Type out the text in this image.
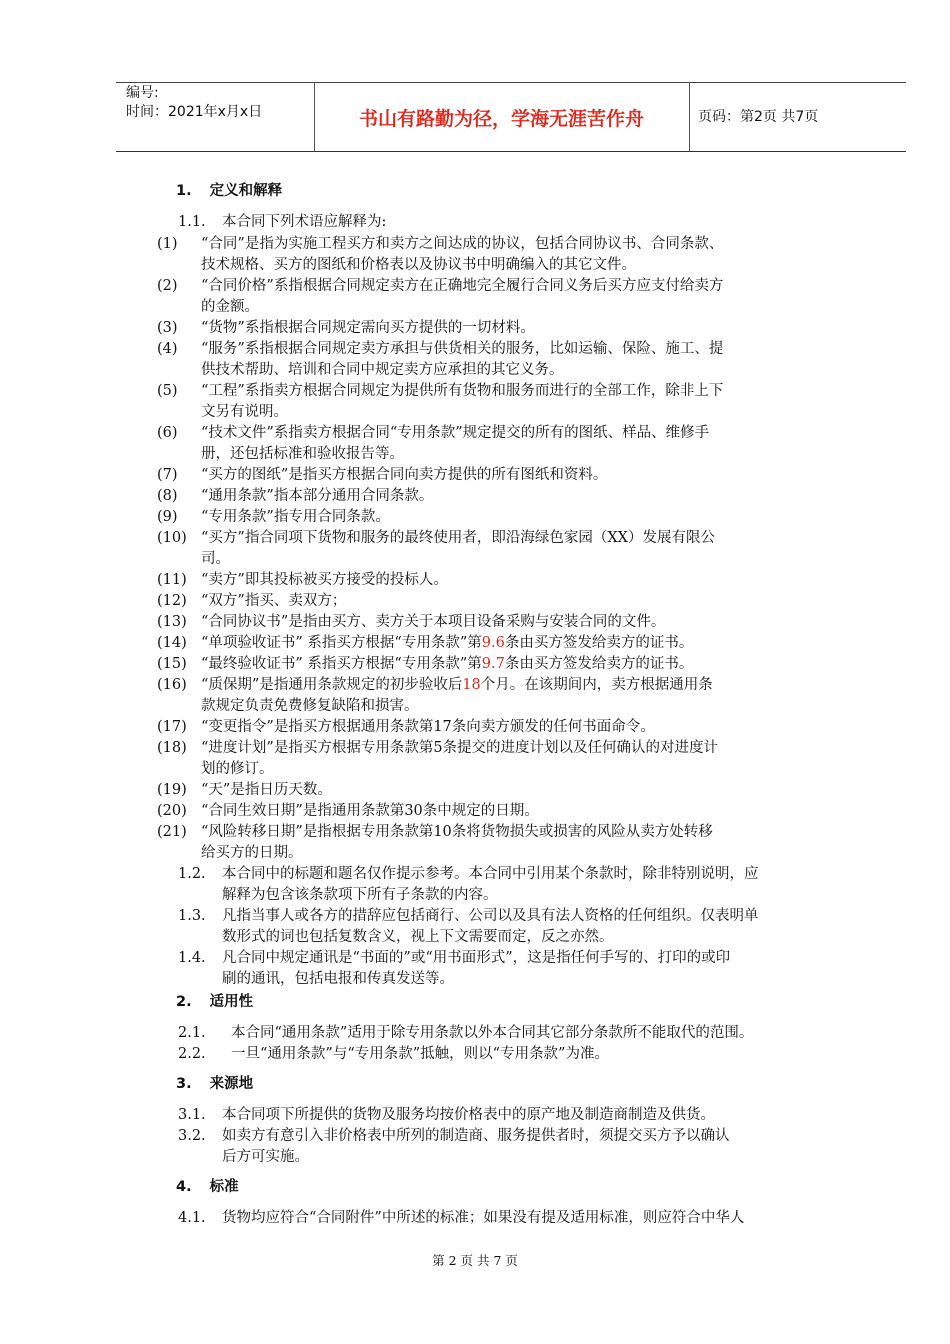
编号:
时间：2021年x月x日	书山有路勤为径，学海无涯苦作舟	页码：第2页 共7页
1. 定义和解释
1.1. 本合同下列术语应解释为:
(1) “合同”是指为实施工程买方和卖方之间达成的协议，包括合同协议书、合同条款、
技术规格、买方的图纸和价格表以及协议书中明确编入的其它文件。
(2) “合同价格”系指根据合同规定卖方在正确地完全履行合同义务后买方应支付给卖方
的金额。
(3) “货物”系指根据合同规定需向买方提供的一切材料。
(4) “服务”系指根据合同规定卖方承担与供货相关的服务，比如运输、保险、施工、提
供技术帮助、培训和合同中规定卖方应承担的其它义务。
(5) “工程”系指卖方根据合同规定为提供所有货物和服务而进行的全部工作，除非上下
文另有说明。
(6) “技术文件”系指卖方根据合同“专用条款”规定提交的所有的图纸、样品、维修手
册，还包括标准和验收报告等。
(7) “买方的图纸”是指买方根据合同向卖方提供的所有图纸和资料。
(8) “通用条款”指本部分通用合同条款。
(9) “专用条款”指专用合同条款。
(10) “买方”指合同项下货物和服务的最终使用者，即沿海绿色家园（XX）发展有限公
司。
(11) “卖方”即其投标被买方接受的投标人。
(12) “双方”指买、卖双方；
(13) “合同协议书”是指由买方、卖方关于本项目设备采购与安装合同的文件。
(14) “单项验收证书” 系指买方根据“专用条款”第9.6条由买方签发给卖方的证书。
(15) “最终验收证书” 系指买方根据“专用条款”第9.7条由买方签发给卖方的证书。
(16) “质保期”是指通用条款规定的初步验收后18个月。在该期间内，卖方根据通用条
款规定负责免费修复缺陷和损害。
(17) “变更指令”是指买方根据通用条款第17条向卖方颁发的任何书面命令。
(18) “进度计划”是指买方根据专用条款第5条提交的进度计划以及任何确认的对进度计
划的修订。
(19) “天”是指日历天数。
(20) “合同生效日期”是指通用条款第30条中规定的日期。
(21) “风险转移日期”是指根据专用条款第10条将货物损失或损害的风险从卖方处转移
给买方的日期。
1.2. 本合同中的标题和题名仅作提示参考。本合同中引用某个条款时，除非特别说明，应
解释为包含该条款项下所有子条款的内容。
1.3. 凡指当事人或各方的措辞应包括商行、公司以及具有法人资格的任何组织。仅表明单
数形式的词也包括复数含义，视上下文需要而定，反之亦然。
1.4. 凡合同中规定通讯是“书面的”或“用书面形式”，这是指任何手写的、打印的或印
刷的通讯，包括电报和传真发送等。
2. 适用性
2.1. 本合同“通用条款”适用于除专用条款以外本合同其它部分条款所不能取代的范围。
2.2. 一旦“通用条款”与“专用条款”抵触，则以“专用条款”为准。
3. 来源地
3.1. 本合同项下所提供的货物及服务均按价格表中的原产地及制造商制造及供货。
3.2. 如卖方有意引入非价格表中所列的制造商、服务提供者时，须提交买方予以确认
后方可实施。
4. 标准
4.1. 货物均应符合“合同附件”中所述的标准；如果没有提及适用标准，则应符合中华人
第 2 页 共 7 页
